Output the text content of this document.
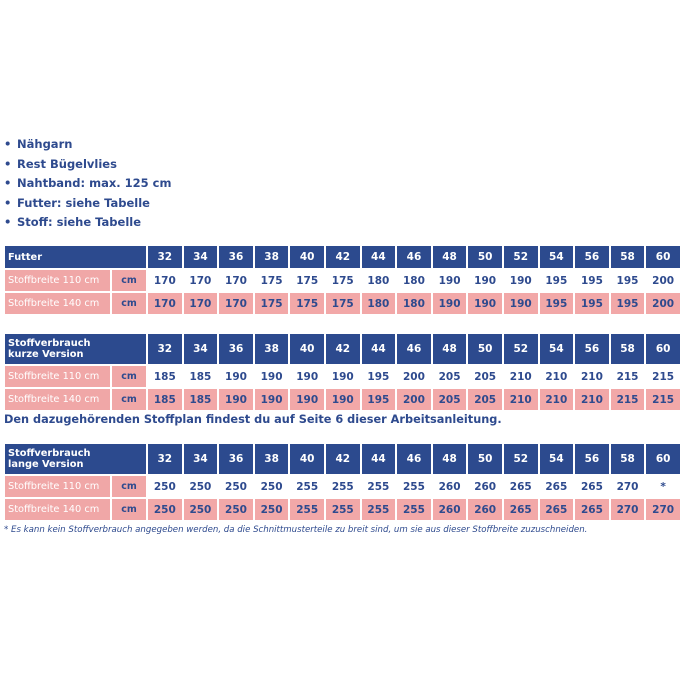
• Nähgarn
• Rest Bügelvlies
• Nahtband: max. 125 cm
• Futter: siehe Tabelle
• Stoff: siehe Tabelle
Futter		32	34	36	38	40	42	44	46	48	50	52	54	56	58	60
Stoffbreite 110 cm	cm	170	170	170	175	175	175	180	180	190	190	190	195	195	195	200
Stoffbreite 140 cm	cm	170	170	170	175	175	175	180	180	190	190	190	195	195	195	200
Stoffverbrauch
kurze Version		32	34	36	38	40	42	44	46	48	50	52	54	56	58	60
Stoffbreite 110 cm	cm	185	185	190	190	190	190	195	200	205	205	210	210	210	215	215
Stoffbreite 140 cm	cm	185	185	190	190	190	190	195	200	205	205	210	210	210	215	215
Den dazugehörenden Stoffplan findest du auf Seite 6 dieser Arbeitsanleitung.
Stoffverbrauch
lange Version		32	34	36	38	40	42	44	46	48	50	52	54	56	58	60
Stoffbreite 110 cm	cm	250	250	250	250	255	255	255	255	260	260	265	265	265	270	*
Stoffbreite 140 cm	cm	250	250	250	250	255	255	255	255	260	260	265	265	265	270	270
* Es kann kein Stoffverbrauch angegeben werden, da die Schnittmusterteile zu breit sind, um sie aus dieser Stoffbreite zuzuschneiden.
